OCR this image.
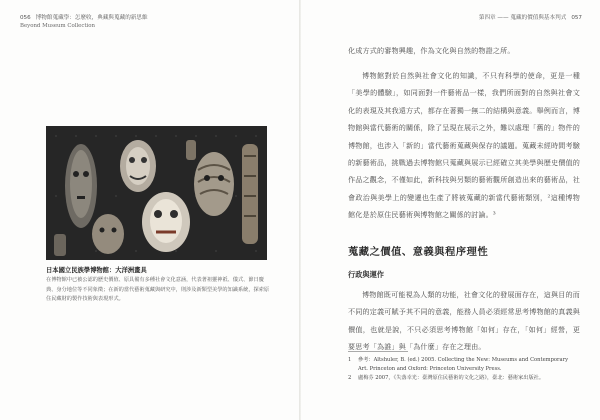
056 博物館蒐藏學：怎麼收，典藏與蒐藏的新思維
Beyond Museum Collection
日本國立民族學博物館：大洋洲畫具
在博物館中已被公認的歷史價值、原具備有多種社會文化意涵，代表著祖靈神祇、儀式、節日慶典、身分地位等不同象徵；在新的當代藝術蒐藏與研究中，則涉及新類型美學的知識系統，探索原住民藏財的製作技術與表現形式。
第四章 —— 蒐藏的價值與基本判式 057
化成方式的審物興趣，作為文化與自然的物證之所。
博物館對於自然與社會文化的知識，不只有科學的使命，更是一種「美學的體驗」，如同面對一件藝術品一樣，我們所面對的自然與社會文化的表現及其我遠方式，都存在著獨一無二的結構與意義。舉例而言，博物館與當代藝術的關係，除了呈現在展示之外，難以處理「舊的」物件的博物館，也涉入「新的」當代藝術蒐藏與保存的議題。蒐藏未經時間考驗的新藝術品，挑戰過去博物館只蒐藏與展示已經確立其美學與歷史價值的作品之觀念，不僅如此，新科技與另類的藝術觀所創造出來的藝術品，社會政治與美學上的變遷也生產了將被蒐藏的新當代藝術類別，²這種博物館化是於原住民藝術與博物館之關係的討論。³
蒐藏之價值、意義與程序理性
行政與運作
博物館既可能視為人類的功能，社會文化的發展面存在，這與目的而不同的定義可賦予其不同的意義，能務人員必須經常思考博物館的真義與價值，也就是說，不只必須思考博物館「如何」存在，「如何」經營，更要思考「為誰」與「為什麼」存在之理由。
1	參考：Altshuler, B. (ed.) 2005. Collecting the New: Museums and Contemporary Art. Princeton and Oxford: Princeton University Press.
2	盧梅芬 2007，《失落幸光：臺灣原住民藝術的文化之路》，臺北：藝術家出版社。
